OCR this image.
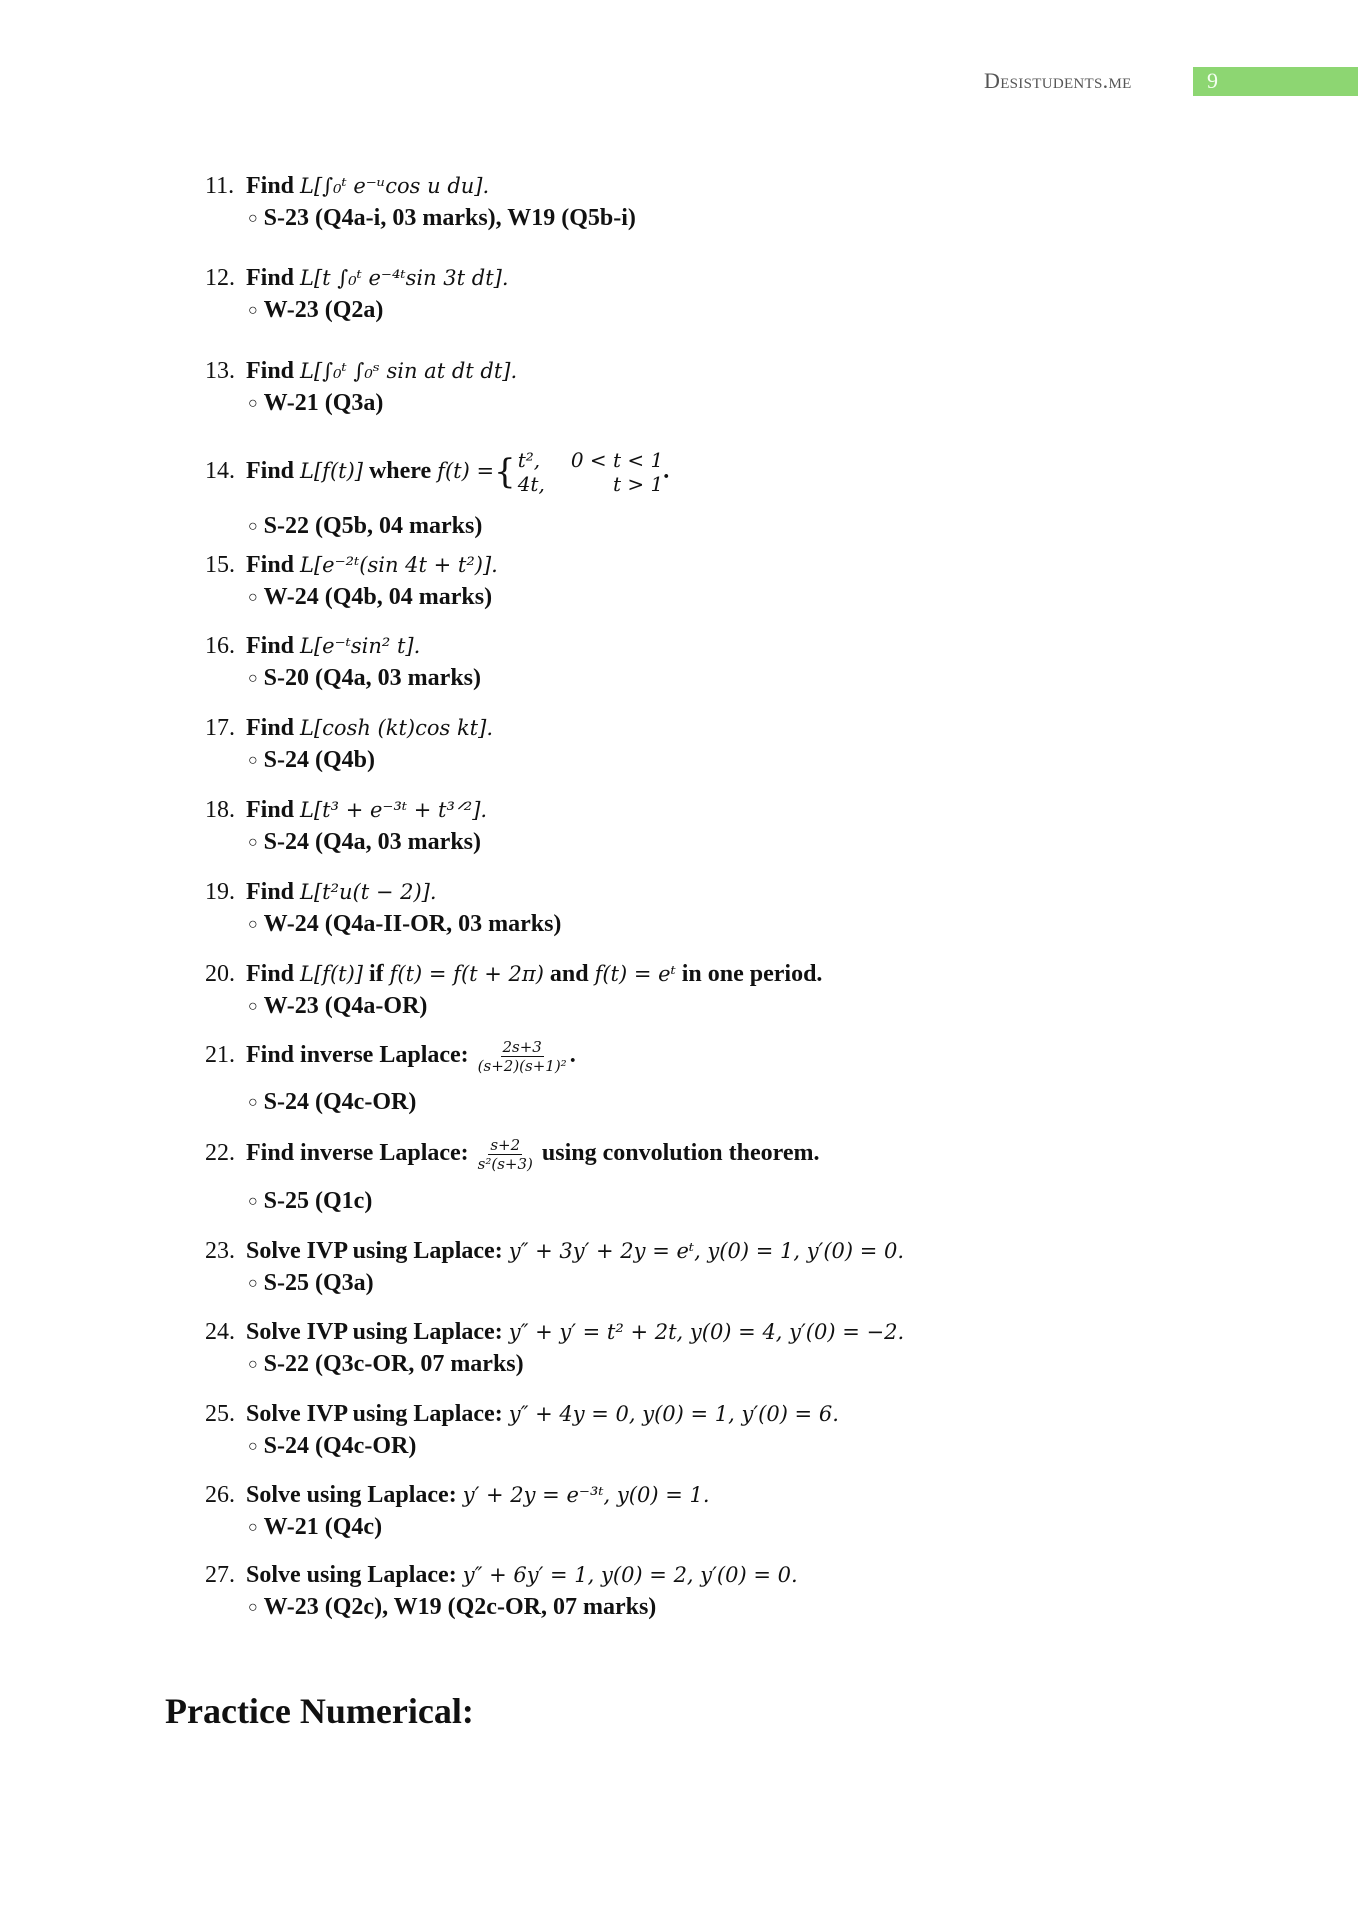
Desistudents.me	9
11. Find L[∫₀ᵗ e⁻ᵘcos u du].
○ S-23 (Q4a-i, 03 marks), W19 (Q5b-i)
12. Find L[t ∫₀ᵗ e⁻⁴ᵗsin 3t dt].
○ W-23 (Q2a)
13. Find L[∫₀ᵗ ∫₀ˢ sin at dt dt].
○ W-21 (Q3a)
14. Find L[f(t)] where f(t) = { t², 0 < t < 1
4t,	t > 1
.
○ S-22 (Q5b, 04 marks)
15. Find L[e⁻²ᵗ(sin 4t + t²)].
○ W-24 (Q4b, 04 marks)
16. Find L[e⁻ᵗsin² t].
○ S-20 (Q4a, 03 marks)
17. Find L[cosh (kt)cos kt].
○ S-24 (Q4b)
18. Find L[t³ + e⁻³ᵗ + t³ᐟ²].
○ S-24 (Q4a, 03 marks)
19. Find L[t²u(t − 2)].
○ W-24 (Q4a-II-OR, 03 marks)
20. Find L[f(t)] if f(t) = f(t + 2π) and f(t) = eᵗ in one period.
○ W-23 (Q4a-OR)
21. Find inverse Laplace: $\frac{2s+3}{\text{(s+2)(s+1)²}}$ .
○ S-24 (Q4c-OR)
22. Find inverse Laplace: $\frac{s+2}{\text{s²(s+3)}}$ using convolution theorem.
○ S-25 (Q1c)
23. Solve IVP using Laplace: y″ + 3y′ + 2y = eᵗ, y(0) = 1, y′(0) = 0.
○ S-25 (Q3a)
24. Solve IVP using Laplace: y″ + y′ = t² + 2t, y(0) = 4, y′(0) = −2.
○ S-22 (Q3c-OR, 07 marks)
25. Solve IVP using Laplace: y″ + 4y = 0, y(0) = 1, y′(0) = 6.
○ S-24 (Q4c-OR)
26. Solve using Laplace: y′ + 2y = e⁻³ᵗ, y(0) = 1.
○ W-21 (Q4c)
27. Solve using Laplace: y″ + 6y′ = 1, y(0) = 2, y′(0) = 0.
○ W-23 (Q2c), W19 (Q2c-OR, 07 marks)
Practice Numerical:
